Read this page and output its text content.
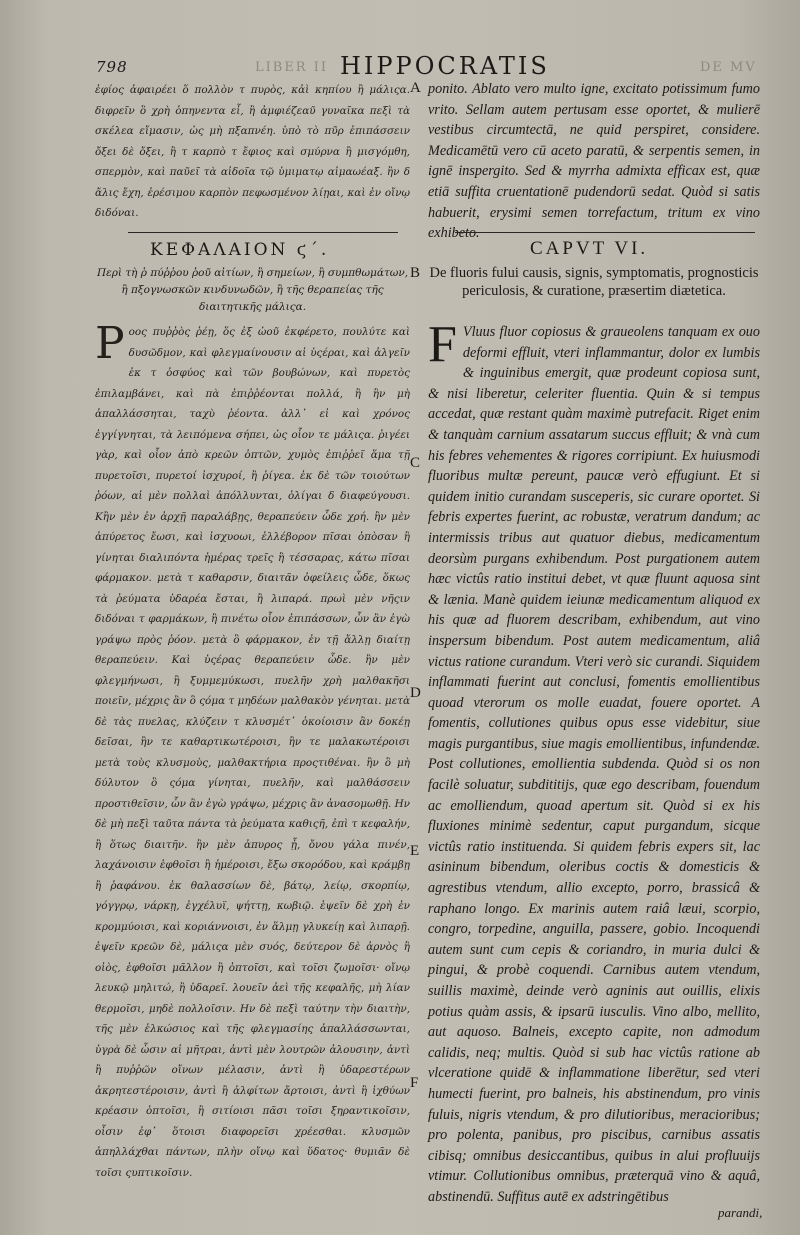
798	LIBER II HIPPOCRATIS	DE MV

ἐφίος ἀφαιρέει ὅ πολλὸν τ πυρὸς, κἀὶ κηπίου ἢ μάλιςα. διφρεῖν ὃ χρὴ ὁπηνεντα εἶ, ἢ ἀμφιέζεαῦ γυναῖκα πεξὶ τὰ σκέλεα εἴμασιν, ὡς μὴ πξαπνέη. ὑπὸ τὸ πῦρ ἐπιπάσσειν ὄξει δὲ ὄξει, ἢ τ καρπὸ τ ἔφιος καὶ σμύρνα ἢ μισγόμθη, σπερμὸν, καὶ παῦεῖ τὰ αἰδοῖα τῷ ὑμιματῳ αἱμαωέαξ. ἢν δ ἄλις ἔχη, ἐρέσιμου καρπὸν πεφωσμένον λίῃαι, καὶ ἐν οἴνῳ διδόναι.

ponito. Ablato vero multo igne, excitato potissimum fumo vrito. Sellam autem pertusam esse oportet, & mulierē vestibus circumtectā, ne quid perspiret, considere. Medicamētū vero cū aceto paratū, & serpentis semen, in ignē inspergito. Sed & myrrha admixta efficax est, quæ etiā suffita cruentationē pudendorū sedat. Quòd si satis habuerit, erysimi semen torrefactum, tritum ex vino exhibeto.

ΚΕΦΑΛΑΙΟΝ ϛ΄.	CAPVT VI.
Περὶ τὴ ῥ πύῤῥου ῥοῦ αἰτίων, ἢ σημείων, ἢ συμπθωμάτων, ἢ πξογνωσκῶν κινδυνωδῶν, ἢ τῆς θεραπείας τῆς διαιτητικῆς μάλιςα.
De fluoris fului causis, signis, symptomatis, prognosticis periculosis, & curatione, præsertim diætetica.

Ροος πυῤῥὸς ῥέῃ, ὅς ἐξ ὠοῦ ἐκφέρετο, πουλύτε καὶ δυσῶδμον, καὶ φλεγμαίνουσιν αἱ ὑςέραι, καὶ ἀλγεῖν ἐκ τ ὀσφύος καὶ τῶν βουβώνων, καὶ πυρετὸς ἐπιλαμβάνει, καὶ πὰ ἐπιῤῥέονται πολλά, ἢ ἢν μὴ ἀπαλλάσσηται, ταχὺ ῥέοντα. ἀλλ᾽ εἰ καὶ χρόνος ἐγγίγνηται, τὰ λειπόμενα σήπει, ὡς οἷον τε μάλιςα. ῥιγέει γὰρ, καὶ οἷον ἀπὸ κρεῶν ὀπτῶν, χυμὸς ἐπιῤῥεῖ ἅμα τῇ πυρετοῖσι, πυρετοί ἰσχυροί, ἢ ῥίγεα. ἐκ δὲ τῶν τοιούτων ῥόων, αἱ μὲν πολλαὶ ἀπόλλυνται, ὀλίγαι δ διαφεύγουσι. Κἢν μὲν ἐν ἀρχῇ παραλάβῃς, θεραπεύειν ὧδε χρή. ἢν μὲν ἀπύρετος ἔωσι, καὶ ἰσχυοωι, ἐλλέβορον πῖσαι ὀπὸσαν ἢ γίνηται διαλιπόντα ἡμέρας τρεῖς ἢ τέσσαρας, κάτω πῖσαι φάρμακον. μετὰ τ καθαρσιν, διαιτᾶν ὀφείλεις ὧδε, ὅκως τὰ ῥεύματα ὑδαρέα ἔσται, ἢ λιπαρά. πρωὶ μὲν νῆςιν διδόναι τ φαρμάκων, ἢ πινέτω οἷον ἐπιπάσσων, ὧν ἂν ἐγὼ γράψω πρὸς ῥόον. μετὰ ὃ φάρμακον, ἐν τῇ ἄλλῃ διαίτῃ θεραπεύειν. Καὶ ὑςέρας θεραπεύειν ὧδε. ἢν μὲν φλεγμήνωσι, ἢ ξυμμεμύκωσι, πυελῆν χρὴ μαλθακῆσι ποιεῖν, μέχρις ἂν ὃ ςόμα τ μηδέων μαλθακὸν γένηται. μετὰ δὲ τὰς πυελας, κλύζειν τ κλυσμέτ᾽ ὁκοίοισιν ἂν δοκέῃ δεῖσαι, ἢν τε καθαρτικωτέροισι, ἢν τε μαλακωτέροισι μετὰ τοὺς κλυσμοὺς, μαλθακτήρια προςτιθέναι. ἢν ὃ μὴ δύλυτον ὃ ςόμα γίνηται, πυελῆν, καὶ μαλθάσσειν προστιθεῖσιν, ὧν ἂν ἐγὼ γράψω, μέχρις ἂν ἀνασομωθῇ. Ην δὲ μὴ πεξὶ ταῦτα πάντα τὰ ῥεύματα καθιςῆ, ἐπὶ τ κεφαλήν, ἢ ὅτως διαιτῆν. ἢν μὲν ἀπυρος ᾖ, ὄνου γάλα πινέν, λαχάνοισιν ἑφθοῖσι ἢ ἡμέροισι, ἔξω σκορόδου, καὶ κράμβῃ ἢ ῥαφάνου. ἐκ θαλασσίων δὲ, βάτῳ, λείῳ, σκορπίῳ, γόγγρῳ, νάρκῃ, ἐγχέλυϊ, ψήττῃ, κωβιῷ. ἑψεῖν δὲ χρὴ ἐν κρομμύοισι, καὶ κοριάννοισι, ἐν ἅλμῃ γλυκείῃ καὶ λιπαρῇ. ἑψεῖν κρεῶν δὲ, μάλιςα μὲν συός, δεύτερον δὲ ἀρνὸς ἢ οἰὸς, ἑφθοῖσι μᾶλλον ἢ ὀπτοῖσι, καὶ τοῖσι ζωμοῖσι· οἴνῳ λευκῷ μηλιτώ, ἢ ὑδαρεῖ. λουεῖν ἀεὶ τῆς κεφαλῆς, μὴ λίαν θερμοῖσι, μηδὲ πολλοῖσιν. Ην δὲ πεξὶ ταύτην τὴν διαιτὴν, τῆς μὲν ἑλκώσιος καὶ τῆς φλεγμασίης ἀπαλλάσσωνται, ὑγρὰ δὲ ὦσιν αἱ μῆτραι, ἀντὶ μὲν λουτρῶν ἀλουσιην, ἀντὶ ἢ πυῤῥῶν οἴνων μέλασιν, ἀντὶ ἢ ὑδαρεστέρων ἀκρητεστέροισιν, ἀντὶ ἢ ἀλφίτων ἄρτοισι, ἀντὶ ἢ ἰχθύων κρέασιν ὀπτοῖσι, ἢ σιτίοισι πᾶσι τοῖσι ξηραντικοῖσιν, οἶσιν ἐφ᾽ ὅτοισι διαφορεῖσι χρέεσθαι. κλυσμῶν ἀπηλλάχθαι πάντων, πλὴν οἴνῳ καὶ ὕδατος· θυμιᾶν δὲ τοῖσι ςυπτικοῖσιν.

F Vluus fluor copiosus & graueolens tanquam ex ouo deformi effluit, vteri inflammantur, dolor ex lumbis & inguinibus emergit, quæ prodeunt copiosa sunt, & nisi liberetur, celeriter fluentia. Quin & si tempus accedat, quæ restant quàm maximè putrefacit. Riget enim & tanquàm carnium assatarum succus effluit; & vnà cum his febres vehementes & rigores corripiunt. Ex huiusmodi fluoribus multæ pereunt, paucæ verò effugiunt. Et si quidem initio curandam susceperis, sic curare oportet. Si febris expertes fuerint, ac robustæ, veratrum dandum; ac intermissis tribus aut quatuor diebus, medicamentum deorsùm purgans exhibendum. Post purgationem autem hæc victûs ratio institui debet, vt quæ fluunt aquosa sint & lænia. Manè quidem ieiunæ medicamentum aliquod ex his quæ ad fluorem describam, exhibendum, aut vino inspersum bibendum. Post autem medicamentum, aliâ victus ratione curandum. Vteri verò sic curandi. Siquidem inflammati fuerint aut conclusi, fomentis emollientibus quoad vterorum os molle euadat, fouere oportet. A fomentis, collutiones quibus opus esse videbitur, siue magis purgantibus, siue magis emollientibus, infundendæ. Post collutiones, emollientia subdenda. Quòd si os non facilè soluatur, subdititijs, quæ ego describam, fouendum ac emolliendum, quoad apertum sit. Quòd si ex his fluxiones minimè sedentur, caput purgandum, sicque victûs ratio instituenda. Si quidem febris expers sit, lac asininum bibendum, oleribus coctis & domesticis & agrestibus vtendum, allio excepto, porro, brassicâ & raphano longo. Ex marinis autem raiâ læui, scorpio, congro, torpedine, anguilla, passere, gobio. Incoquendi autem sunt cum cepis & coriandro, in muria dulci & pingui, & probè coquendi. Carnibus autem vtendum, suillis maximè, deinde verò agninis aut ouillis, elixis potius quàm assis, & ipsarū iusculis. Vino albo, mellito, aut aquoso. Balneis, excepto capite, non admodum calidis, neq; multis. Quòd si sub hac victûs ratione ab vlceratione quidē & inflammatione liberētur, sed vteri humecti fuerint, pro balneis, his abstinendum, pro vinis fuluis, nigris vtendum, & pro dilutioribus, meracioribus; pro polenta, panibus, pro piscibus, carnibus assatis cibisq; omnibus desiccantibus, quibus in alui profluuijs vtimur. Collutionibus omnibus, præterquā vino & aquâ, abstinendū. Suffitus autē ex adstringētibus

parandi,
A
B
C
D
E
F
